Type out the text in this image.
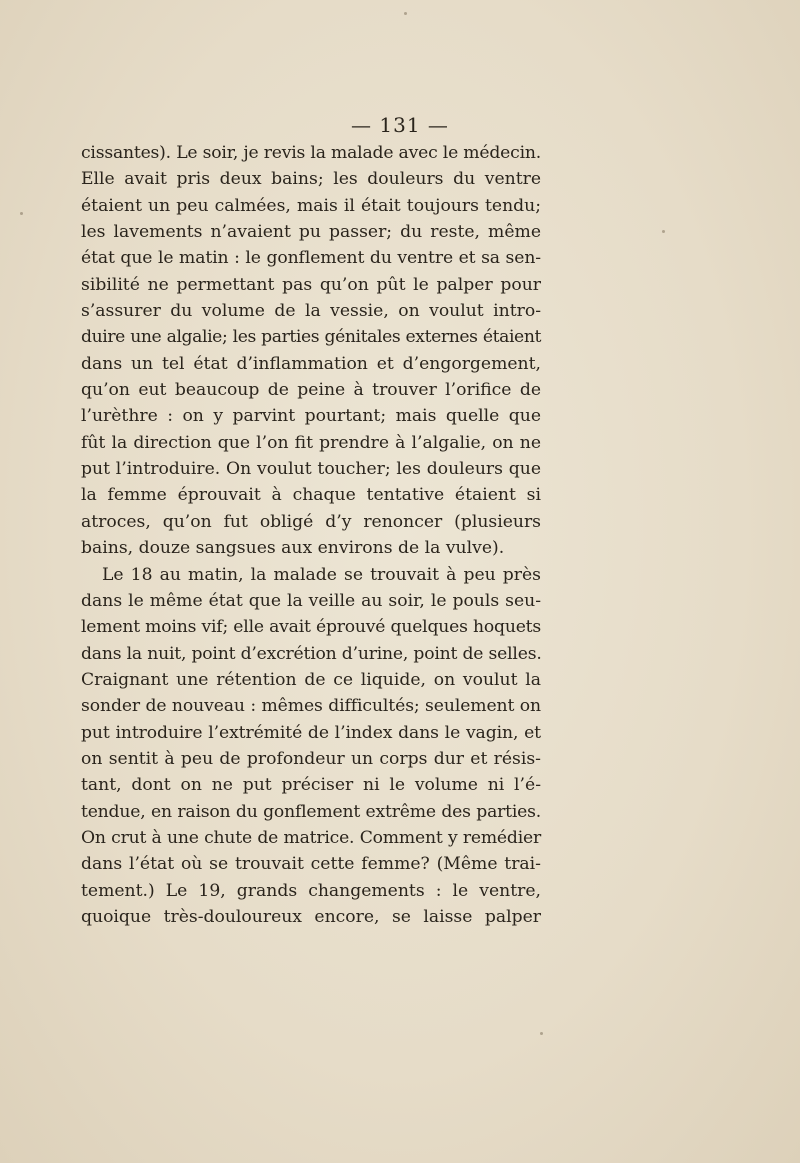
— 131 —
cissantes). Le soir, je revis la malade avec le médecin.
Elle avait pris deux bains; les douleurs du ventre
étaient un peu calmées, mais il était toujours tendu;
les lavements n’avaient pu passer; du reste, même
état que le matin : le gonflement du ventre et sa sen-
sibilité ne permettant pas qu’on pût le palper pour
s’assurer du volume de la vessie, on voulut intro-
duire une algalie; les parties génitales externes étaient
dans un tel état d’inflammation et d’engorgement,
qu’on eut beaucoup de peine à trouver l’orifice de
l’urèthre : on y parvint pourtant; mais quelle que
fût la direction que l’on fit prendre à l’algalie, on ne
put l’introduire. On voulut toucher; les douleurs que
la femme éprouvait à chaque tentative étaient si
atroces, qu’on fut obligé d’y renoncer (plusieurs
bains, douze sangsues aux environs de la vulve).
Le 18 au matin, la malade se trouvait à peu près
dans le même état que la veille au soir, le pouls seu-
lement moins vif; elle avait éprouvé quelques hoquets
dans la nuit, point d’excrétion d’urine, point de selles.
Craignant une rétention de ce liquide, on voulut la
sonder de nouveau : mêmes difficultés; seulement on
put introduire l’extrémité de l’index dans le vagin, et
on sentit à peu de profondeur un corps dur et résis-
tant, dont on ne put préciser ni le volume ni l’é-
tendue, en raison du gonflement extrême des parties.
On crut à une chute de matrice. Comment y remédier
dans l’état où se trouvait cette femme? (Même trai-
tement.) Le 19, grands changements : le ventre,
quoique très-douloureux encore, se laisse palper
